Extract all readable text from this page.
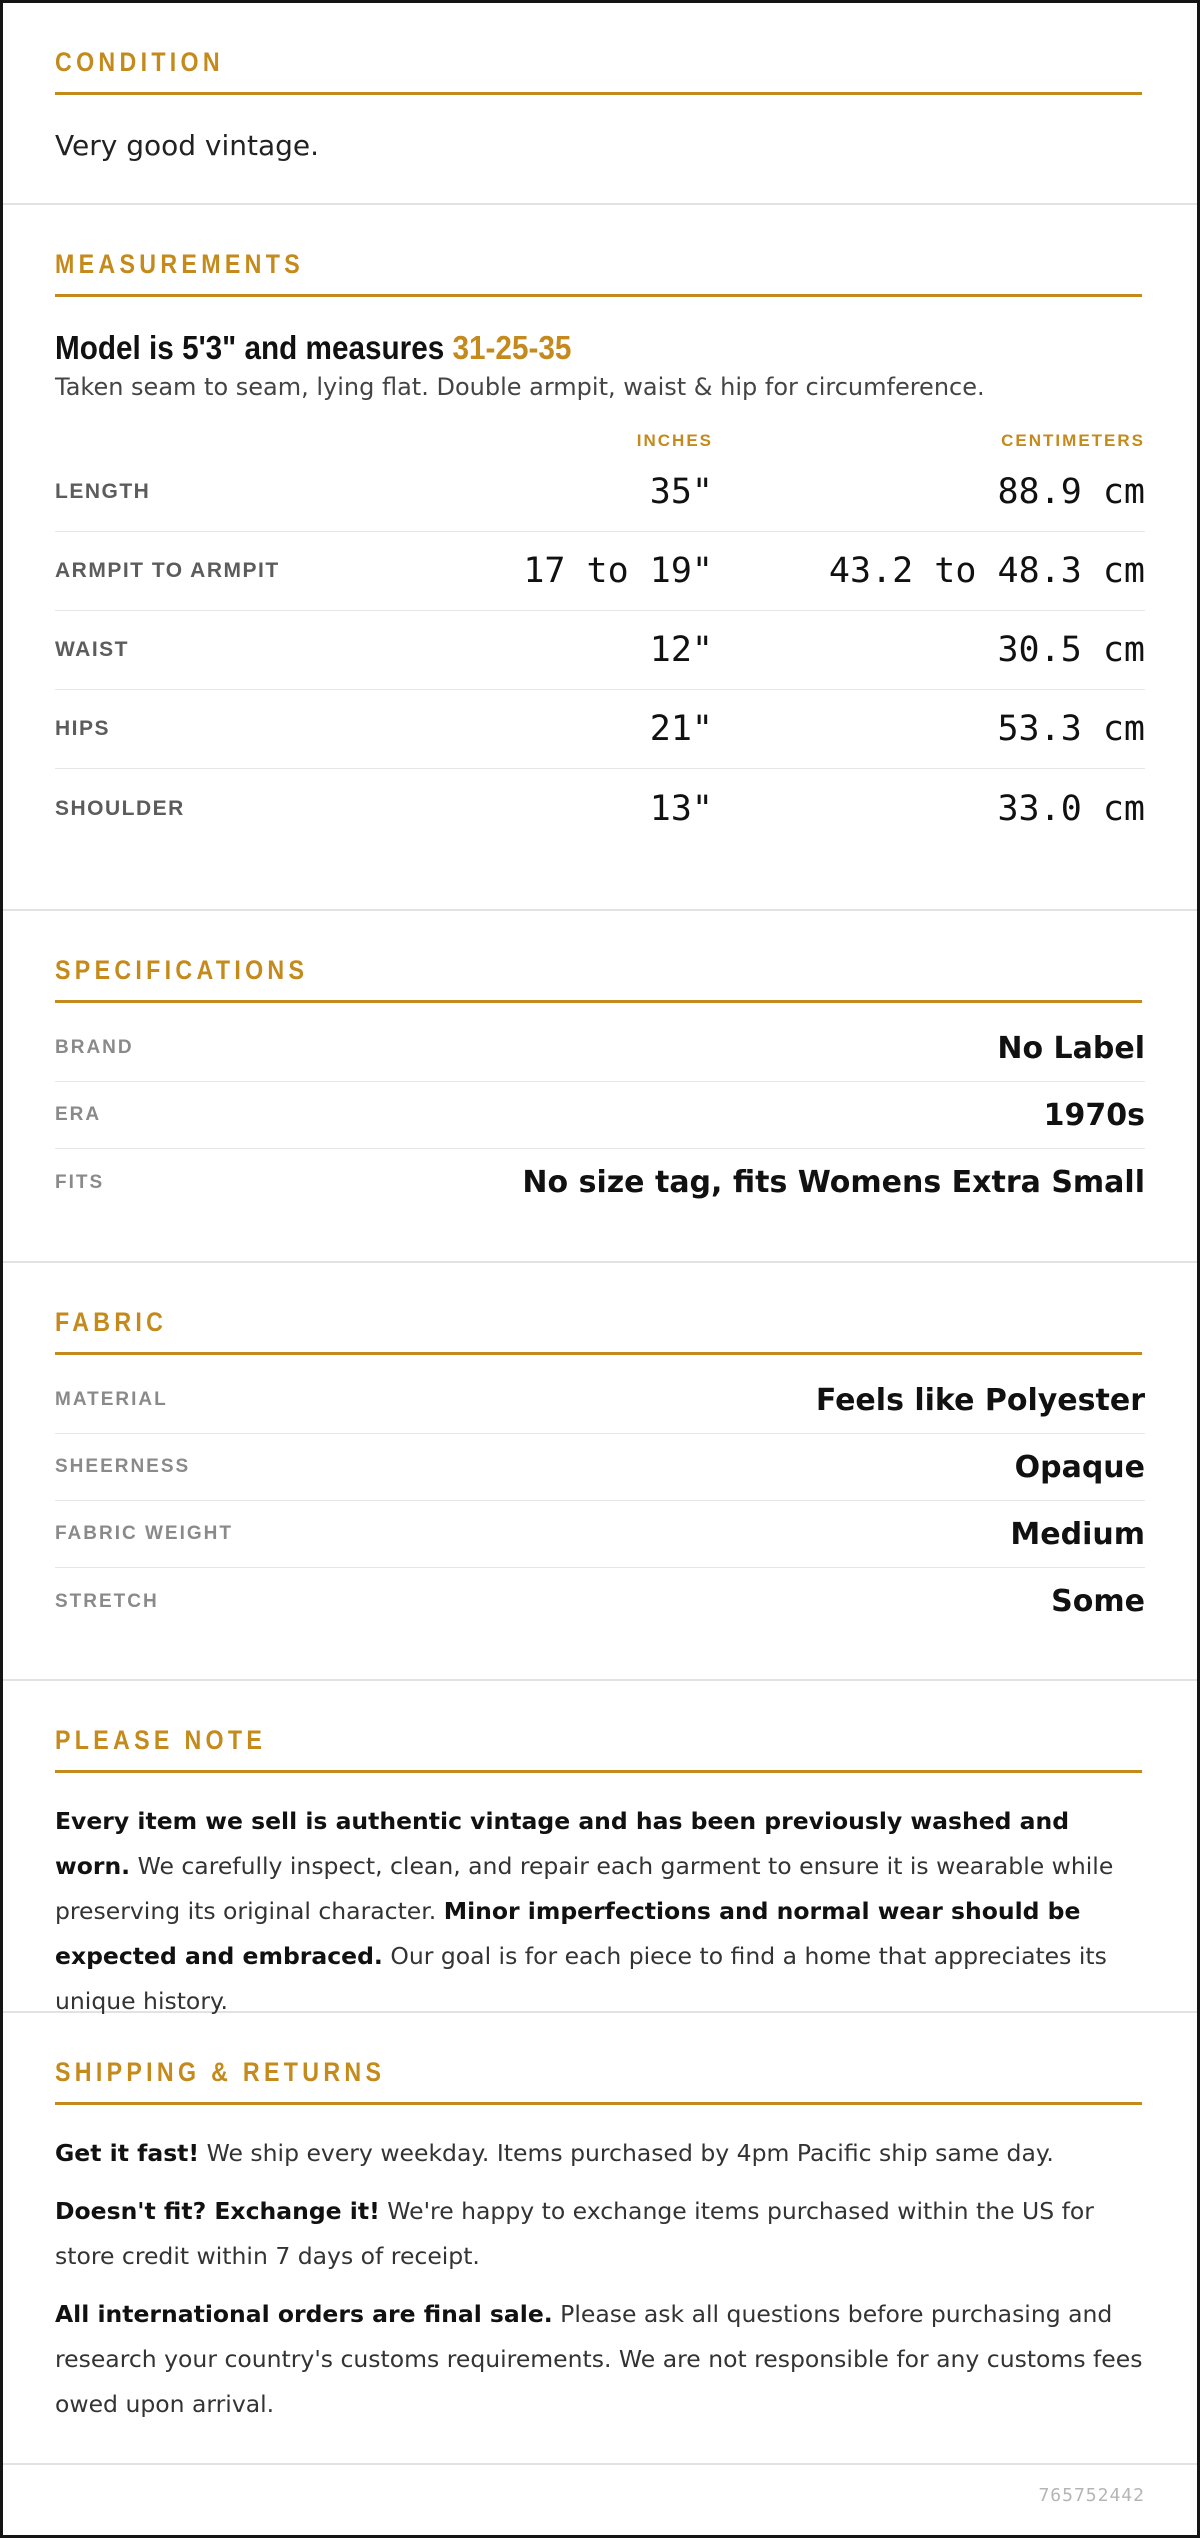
CONDITION
Very good vintage.
MEASUREMENTS
Model is 5'3" and measures 31-25-35
Taken seam to seam, lying flat. Double armpit, waist & hip for circumference.
INCHES	CENTIMETERS
LENGTH	35"	88.9 cm
ARMPIT TO ARMPIT	17 to 19"	43.2 to 48.3 cm
WAIST	12"	30.5 cm
HIPS	21"	53.3 cm
SHOULDER	13"	33.0 cm
SPECIFICATIONS
BRAND	No Label
ERA	1970s
FITS	No size tag, fits Womens Extra Small
FABRIC
MATERIAL	Feels like Polyester
SHEERNESS	Opaque
FABRIC WEIGHT	Medium
STRETCH	Some
PLEASE NOTE

Every item we sell is authentic vintage and has been previously washed and worn. We carefully inspect, clean, and repair each garment to ensure it is wearable while preserving its original character. Minor imperfections and normal wear should be expected and embraced. Our goal is for each piece to find a home that appreciates its unique history.

SHIPPING & RETURNS

Get it fast! We ship every weekday. Items purchased by 4pm Pacific ship same day.

Doesn't fit? Exchange it! We're happy to exchange items purchased within the US for store credit within 7 days of receipt.

All international orders are final sale. Please ask all questions before purchasing and research your country's customs requirements. We are not responsible for any customs fees owed upon arrival.

765752442
